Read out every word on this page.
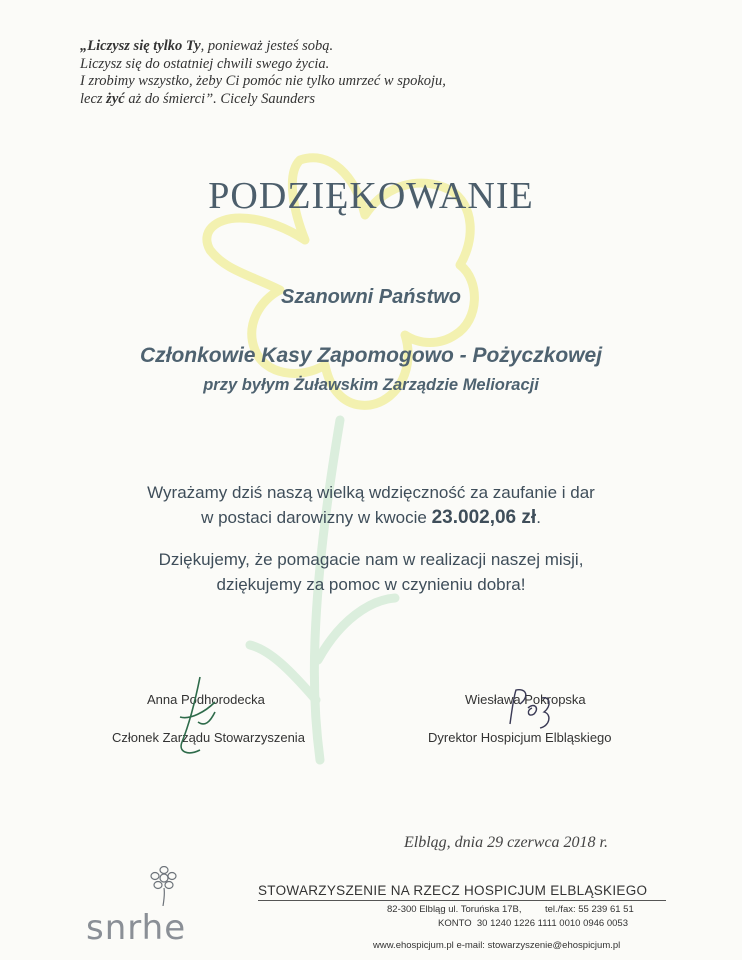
„Liczysz się tylko Ty, ponieważ jesteś sobą.
Liczysz się do ostatniej chwili swego życia.
I zrobimy wszystko, żeby Ci pomóc nie tylko umrzeć w spokoju,
lecz żyć aż do śmierci”. Cicely Saunders
PODZIĘKOWANIE
Szanowni Państwo
Członkowie Kasy Zapomogowo - Pożyczkowej
przy byłym Żuławskim Zarządzie Melioracji
Wyrażamy dziś naszą wielką wdzięczność za zaufanie i dar
w postaci darowizny w kwocie 23.002,06 zł.
Dziękujemy, że pomagacie nam w realizacji naszej misji,
dziękujemy za pomoc w czynieniu dobra!
Anna Podhorodecka
Członek Zarządu Stowarzyszenia
Wiesława Pokropska
Dyrektor Hospicjum Elbląskiego
Elbląg, dnia 29 czerwca 2018 r.
snrhe
STOWARZYSZENIE NA RZECZ HOSPICJUM ELBLĄSKIEGO
82-300 Elbląg ul. Toruńska 17B, tel./fax: 55 239 61 51
KONTO 30 1240 1226 1111 0010 0946 0053
www.ehospicjum.pl e-mail: stowarzyszenie@ehospicjum.pl
